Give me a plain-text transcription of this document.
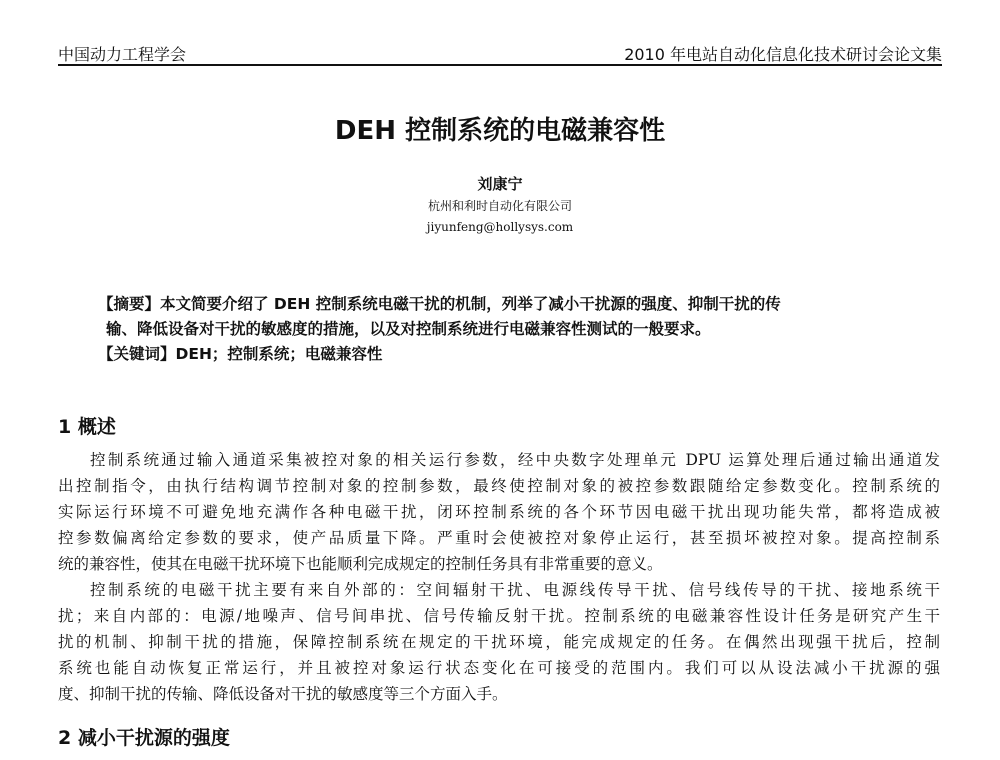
中国动力工程学会	2010 年电站自动化信息化技术研讨会论文集
DEH 控制系统的电磁兼容性
刘康宁
杭州和利时自动化有限公司
jiyunfeng@hollysys.com
【摘要】本文简要介绍了 DEH 控制系统电磁干扰的机制，列举了减小干扰源的强度、抑制干扰的传
输、降低设备对干扰的敏感度的措施，以及对控制系统进行电磁兼容性测试的一般要求。
【关键词】DEH；控制系统；电磁兼容性
1 概述
控制系统通过输入通道采集被控对象的相关运行参数，经中央数字处理单元 DPU 运算处理后通过输出通道发
出控制指令，由执行结构调节控制对象的控制参数，最终使控制对象的被控参数跟随给定参数变化。控制系统的
实际运行环境不可避免地充满作各种电磁干扰，闭环控制系统的各个环节因电磁干扰出现功能失常，都将造成被
控参数偏离给定参数的要求，使产品质量下降。严重时会使被控对象停止运行，甚至损坏被控对象。提高控制系
统的兼容性，使其在电磁干扰环境下也能顺利完成规定的控制任务具有非常重要的意义。
控制系统的电磁干扰主要有来自外部的：空间辐射干扰、电源线传导干扰、信号线传导的干扰、接地系统干
扰；来自内部的：电源/地噪声、信号间串扰、信号传输反射干扰。控制系统的电磁兼容性设计任务是研究产生干
扰的机制、抑制干扰的措施，保障控制系统在规定的干扰环境，能完成规定的任务。在偶然出现强干扰后，控制
系统也能自动恢复正常运行，并且被控对象运行状态变化在可接受的范围内。我们可以从设法减小干扰源的强
度、抑制干扰的传输、降低设备对干扰的敏感度等三个方面入手。
2 减小干扰源的强度
